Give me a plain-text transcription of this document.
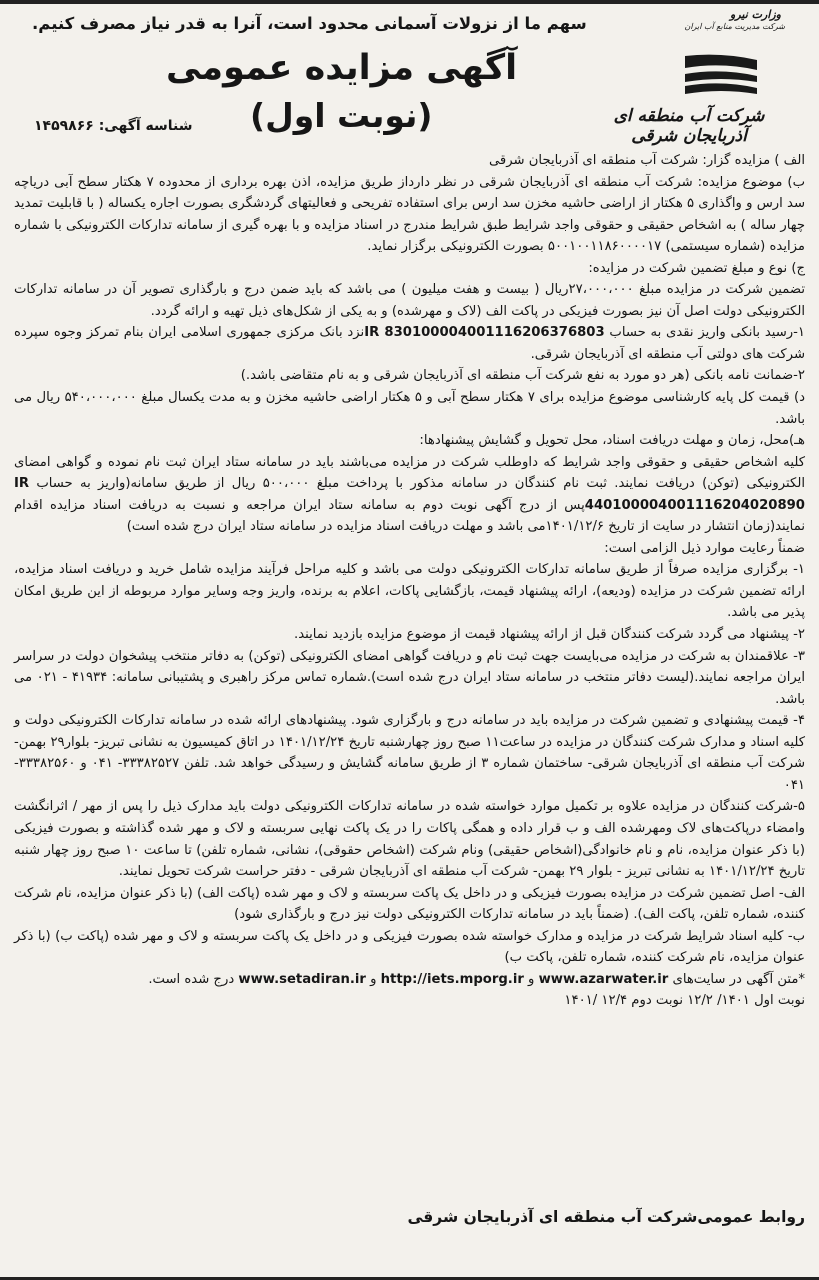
وزارت نیرو
شرکت مدیریت منابع آب ایران
شرکت آب منطقه ای آذربایجان شرقی
سهم ما از نزولات آسمانی محدود است، آنرا به قدر نیاز مصرف کنیم.
آگهی مزایده عمومی
(نوبت اول)
شناسه آگهی: ۱۴۵۹۸۶۶

الف ) مزایده گزار: شرکت آب منطقه ای آذربایجان شرقی

ب) موضوع مزایده: شرکت آب منطقه ای آذربایجان شرقی در نظر دارداز طریق مزایده، اذن بهره برداری از محدوده ۷ هکتار سطح آبی دریاچه سد ارس و واگذاری ۵ هکتار از اراضی حاشیه مخزن سد ارس برای استفاده تفریحی و فعالیتهای گردشگری بصورت اجاره یکساله ( با قابلیت تمدید چهار ساله ) به اشخاص حقیقی و حقوقی واجد شرایط طبق شرایط مندرج در اسناد مزایده و با بهره گیری از سامانه تدارکات الکترونیکی با شماره مزایده (شماره سیستمی) ۵۰۰۱۰۰۱۱۸۶۰۰۰۰۱۷ بصورت الکترونیکی برگزار نماید.

ج) نوع و مبلغ تضمین شرکت در مزایده:

تضمین شرکت در مزایده مبلغ ۲۷،۰۰۰،۰۰۰ریال ( بیست و هفت میلیون ) می باشد که باید ضمن درج و بارگذاری تصویر آن در سامانه تدارکات الکترونیکی دولت اصل آن نیز بصورت فیزیکی در پاکت الف (لاک و مهرشده) و به یکی از شکل‌های ذیل تهیه و ارائه گردد.

۱-رسید بانکی واریز نقدی به حساب IR 830100004001116206376803نزد بانک مرکزی جمهوری اسلامی ایران بنام تمرکز وجوه سپرده شرکت های دولتی آب منطقه ای آذربایجان شرقی.

۲-ضمانت نامه بانکی (هر دو مورد به نفع شرکت آب منطقه ای آذربایجان شرقی و به نام متقاضی باشد.)

د) قیمت کل پایه کارشناسی موضوع مزایده برای ۷ هکتار سطح آبی و ۵ هکتار اراضی حاشیه مخزن و به مدت یکسال مبلغ ۵۴۰،۰۰۰،۰۰۰ ریال می باشد.

هـ)محل، زمان و مهلت دریافت اسناد، محل تحویل و گشایش پیشنهادها:

کلیه اشخاص حقیقی و حقوقی واجد شرایط که داوطلب شرکت در مزایده می‌باشند باید در سامانه ستاد ایران ثبت نام نموده و گواهی امضای الکترونیکی (توکن) دریافت نمایند. ثبت نام کنندگان در سامانه مذکور با پرداخت مبلغ ۵۰۰،۰۰۰ ریال از طریق سامانه(واریز به حساب IR 440100004001116204020890پس از درج آگهی نوبت دوم به سامانه ستاد ایران مراجعه و نسبت به دریافت اسناد مزایده اقدام نمایند(زمان انتشار در سایت از تاریخ ۱۴۰۱/۱۲/۶می باشد و مهلت دریافت اسناد مزایده در سامانه ستاد ایران درج شده است)

ضمناً رعایت موارد ذیل الزامی است:

۱- برگزاری مزایده صرفاً از طریق سامانه تدارکات الکترونیکی دولت می باشد و کلیه مراحل فرآیند مزایده شامل خرید و دریافت اسناد مزایده، ارائه تضمین شرکت در مزایده (ودیعه)، ارائه پیشنهاد قیمت، بازگشایی پاکات، اعلام به برنده، واریز وجه وسایر موارد مربوطه از این طریق امکان پذیر می باشد.

۲- پیشنهاد می گردد شرکت کنندگان قبل از ارائه پیشنهاد قیمت از موضوع مزایده بازدید نمایند.

۳- علاقمندان به شرکت در مزایده می‌بایست جهت ثبت نام و دریافت گواهی امضای الکترونیکی (توکن) به دفاتر منتخب پیشخوان دولت در سراسر ایران مراجعه نمایند.(لیست دفاتر منتخب در سامانه ستاد ایران درج شده است).شماره تماس مرکز راهبری و پشتیبانی سامانه: ۴۱۹۳۴ - ۰۲۱ می باشد.

۴- قیمت پیشنهادی و تضمین شرکت در مزایده باید در سامانه درج و بارگزاری شود. پیشنهادهای ارائه شده در سامانه تدارکات الکترونیکی دولت و کلیه اسناد و مدارک شرکت کنندگان در مزایده در ساعت۱۱ صبح روز چهارشنبه تاریخ ۱۴۰۱/۱۲/۲۴ در اتاق کمیسیون به نشانی تبریز- بلوار۲۹ بهمن- شرکت آب منطقه ای آذربایجان شرقی- ساختمان شماره ۳ از طریق سامانه گشایش و رسیدگی خواهد شد. تلفن ۳۳۳۸۲۵۲۷- ۰۴۱ و ۳۳۳۸۲۵۶۰- ۰۴۱

۵-شرکت کنندگان در مزایده علاوه بر تکمیل موارد خواسته شده در سامانه تدارکات الکترونیکی دولت باید مدارک ذیل را پس از مهر / اثرانگشت وامضاء درپاکت‌های لاک ومهرشده الف و ب قرار داده و همگی پاکات را در یک پاکت نهایی سربسته و لاک و مهر شده گذاشته و بصورت فیزیکی (با ذکر عنوان مزایده، نام و نام خانوادگی(اشخاص حقیقی) ونام شرکت (اشخاص حقوقی)، نشانی، شماره تلفن) تا ساعت ۱۰ صبح روز چهار شنبه تاریخ ۱۴۰۱/۱۲/۲۴ به نشانی تبریز - بلوار ۲۹ بهمن- شرکت آب منطقه ای آذربایجان شرقی - دفتر حراست شرکت تحویل نمایند.

الف- اصل تضمین شرکت در مزایده بصورت فیزیکی و در داخل یک پاکت سربسته و لاک و مهر شده (پاکت الف) (با ذکر عنوان مزایده، نام شرکت کننده، شماره تلفن، پاکت الف). (ضمناً باید در سامانه تدارکات الکترونیکی دولت نیز درج و بارگذاری شود)

ب- کلیه اسناد شرایط شرکت در مزایده و مدارک خواسته شده بصورت فیزیکی و در داخل یک پاکت سربسته و لاک و مهر شده (پاکت ب) (با ذکر عنوان مزایده، نام شرکت کننده، شماره تلفن، پاکت ب)

*متن آگهی در سایت‌های www.azarwater.ir و http://iets.mporg.ir و www.setadiran.ir درج شده است.

نوبت اول ۱۴۰۱/ ۱۲/۲ نوبت دوم ۱۲/۴ /۱۴۰۱

روابط عمومی‌شرکت آب منطقه ای آذربایجان شرقی
